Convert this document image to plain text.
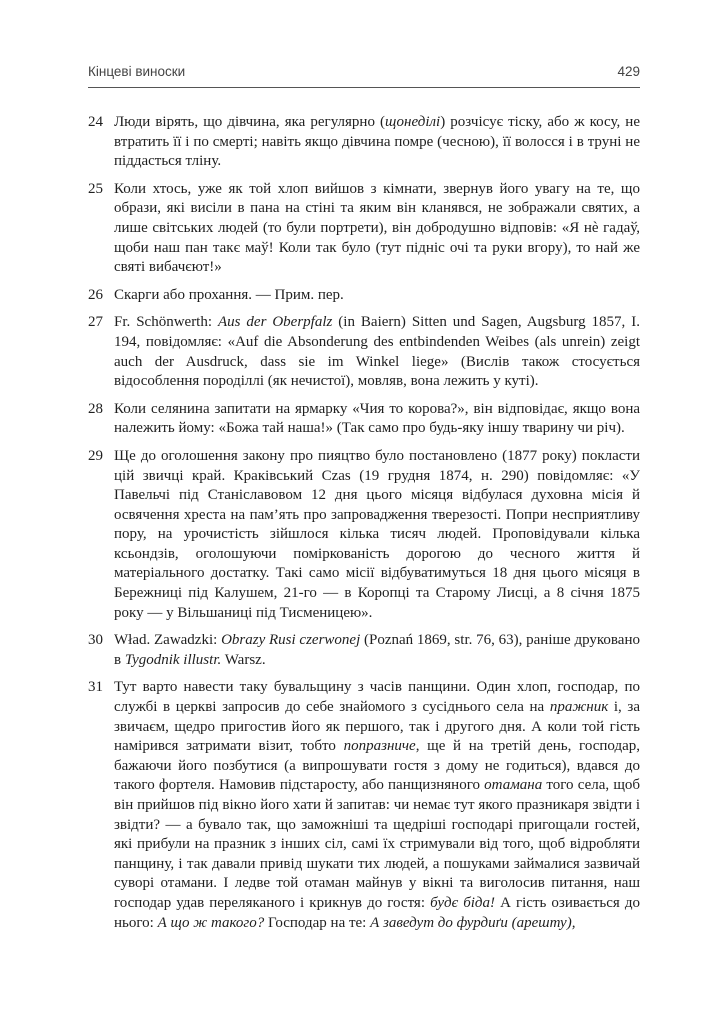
Кінцеві виноски	429
24 Люди вірять, що дівчина, яка регулярно (щонеділі) розчісує тіску, або ж косу, не втратить її і по смерті; навіть якщо дівчина помре (чесною), її волосся і в труні не піддасться тліну.
25 Коли хтось, уже як той хлоп вийшов з кімнати, звернув його увагу на те, що образи, які висіли в пана на стіні та яким він кланявся, не зображали святих, а лише світських людей (то були портрети), він добродушно відповів: «Я нѐ гадаў, щоби наш пан такє маў! Коли так було (тут підніс очі та руки вгору), то най же святі вибачєют!»
26 Скарги або прохання. — Прим. пер.
27 Fr. Schönwerth: Aus der Oberpfalz (in Baiern) Sitten und Sagen, Augsburg 1857, I. 194, повідомляє: «Auf die Absonderung des entbindenden Weibes (als unrein) zeigt auch der Ausdruck, dass sie im Winkel liege» (Вислів також стосується відособлення породіллі (як нечистої), мовляв, вона лежить у куті).
28 Коли селянина запитати на ярмарку «Чия то корова?», він відповідає, якщо вона належить йому: «Божа тай наша!» (Так само про будь-яку іншу тварину чи річ).
29 Ще до оголошення закону про пияцтво було постановлено (1877 року) покласти цій звичці край. Краківський Czas (19 грудня 1874, н. 290) повідомляє: «У Павельчі під Станіславовом 12 дня цього місяця відбулася духовна місія й освячення хреста на пам’ять про запровадження тверезості. Попри несприятливу пору, на урочистість зійшлося кілька тисяч людей. Проповідували кілька ксьондзів, оголошуючи поміркованість дорогою до чесного життя й матеріального достатку. Такі само місії відбуватимуться 18 дня цього місяця в Бережниці під Калушем, 21-го — в Коропці та Старому Лисці, а 8 січня 1875 року — у Вільшаниці під Тисменицею».
30 Wład. Zawadzki: Obrazy Rusi czerwonej (Poznań 1869, str. 76, 63), раніше друковано в Tygodnik illustr. Warsz.
31 Тут варто навести таку бувальщину з часів панщини. Один хлоп, господар, по службі в церкві запросив до себе знайомого з сусіднього села на пражник і, за звичаєм, щедро пригостив його як першого, так і другого дня. А коли той гість намірився затримати візит, тобто попразниче, ще й на третій день, господар, бажаючи його позбутися (а випрошувати гостя з дому не годиться), вдався до такого фортеля. Намовив підстаросту, або панщизняного отамана того села, щоб він прийшов під вікно його хати й запитав: чи немає тут якого празникаря звідти і звідти? — а бувало так, що заможніші та щедріші господарі пригощали гостей, які прибули на празник з інших сіл, самі їх стримували від того, щоб відробляти панщину, і так давали привід шукати тих людей, а пошуками займалися зазвичай суворі отамани. І ледве той отаман майнув у вікні та виголосив питання, наш господар удав переляканого і крикнув до гостя: будє біда! А гість озивається до нього: А що ж такого? Господар на те: А заведут до фурдиґи (арешту),
